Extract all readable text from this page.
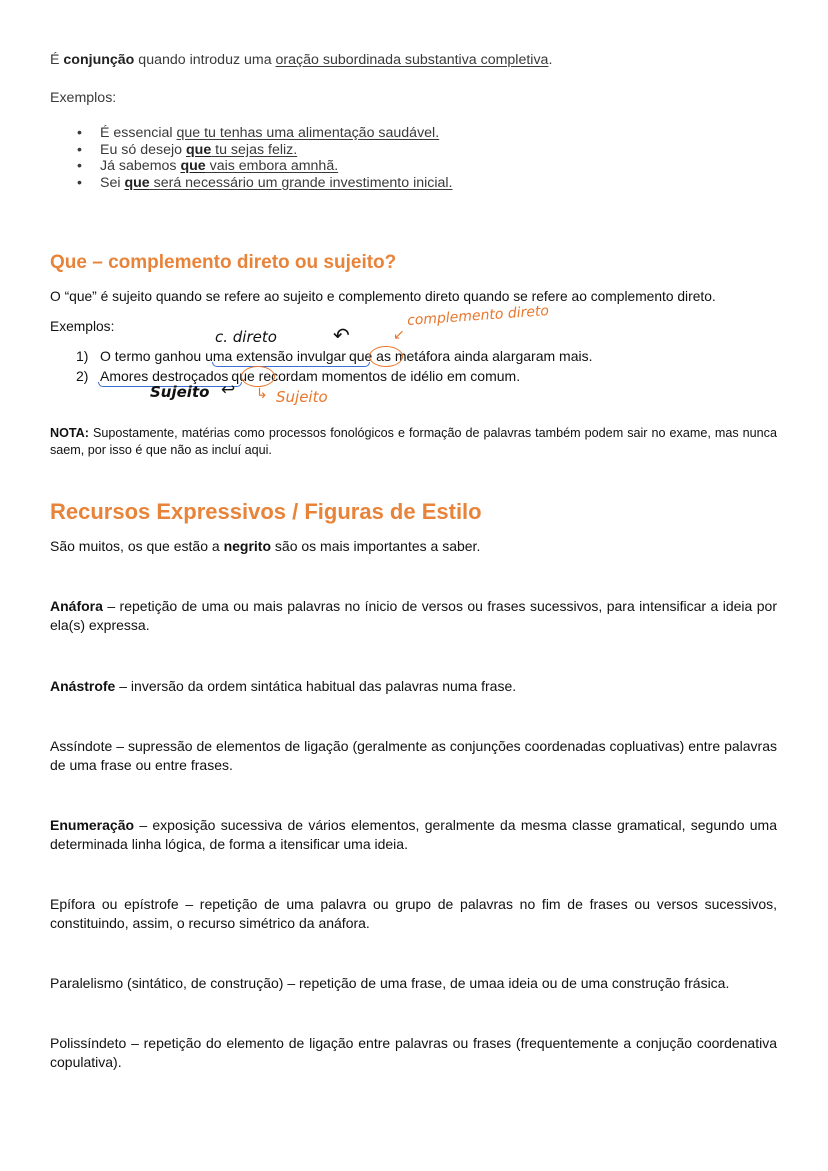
É conjunção quando introduz uma oração subordinada substantiva completiva.
Exemplos:
• É essencial que tu tenhas uma alimentação saudável.
• Eu só desejo que tu sejas feliz.
• Já sabemos que vais embora amnhã.
• Sei que será necessário um grande investimento inicial.
Que – complemento direto ou sujeito?
O “que” é sujeito quando se refere ao sujeito e complemento direto quando se refere ao complemento direto.
Exemplos:
c. direto	↶	↙
complemento direto
1) O termo ganhou uma extensão invulgar que as metáfora ainda alargaram mais.
2) Amores destroçados que recordam momentos de idélio em comum.
Sujeito ↩ ↳ Sujeito
NOTA: Supostamente, matérias como processos fonológicos e formação de palavras também podem sair no exame, mas nunca saem, por isso é que não as incluí aqui.
Recursos Expressivos / Figuras de Estilo
São muitos, os que estão a negrito são os mais importantes a saber.
Anáfora – repetição de uma ou mais palavras no ínicio de versos ou frases sucessivos, para intensificar a ideia por ela(s) expressa.
Anástrofe – inversão da ordem sintática habitual das palavras numa frase.
Assíndote – supressão de elementos de ligação (geralmente as conjunções coordenadas copluativas) entre palavras de uma frase ou entre frases.
Enumeração – exposição sucessiva de vários elementos, geralmente da mesma classe gramatical, segundo uma determinada linha lógica, de forma a itensificar uma ideia.
Epífora ou epístrofe – repetição de uma palavra ou grupo de palavras no fim de frases ou versos sucessivos, constituindo, assim, o recurso simétrico da anáfora.
Paralelismo (sintático, de construção) – repetição de uma frase, de umaa ideia ou de uma construção frásica.
Polissíndeto – repetição do elemento de ligação entre palavras ou frases (frequentemente a conjução coordenativa copulativa).
